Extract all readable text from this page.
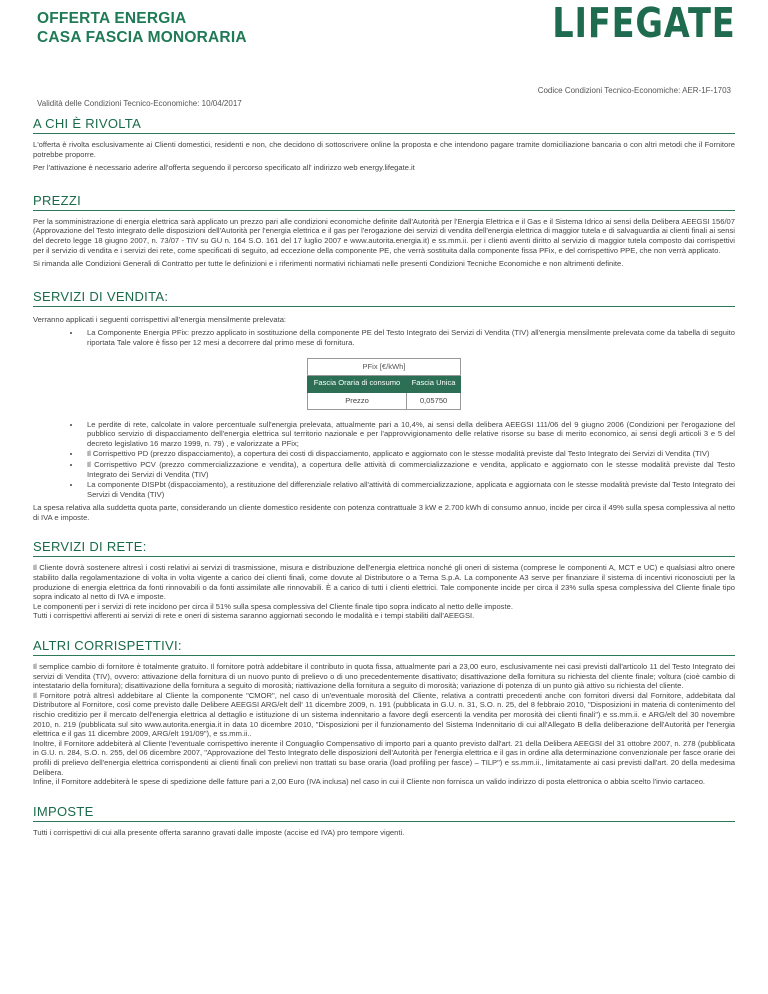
OFFERTA ENERGIA
CASA FASCIA MONORARIA	LIFEGATE
Codice Condizioni Tecnico-Economiche: AER-1F-1703
Validità delle Condizioni Tecnico-Economiche: 10/04/2017
A CHI È RIVOLTA

L'offerta è rivolta esclusivamente ai Clienti domestici, residenti e non, che decidono di sottoscrivere online la proposta e che intendono pagare tramite domiciliazione bancaria o con altri metodi che il Fornitore potrebbe proporre.

Per l'attivazione è necessario aderire all'offerta seguendo il percorso specificato all' indirizzo web energy.lifegate.it

PREZZI

Per la somministrazione di energia elettrica sarà applicato un prezzo pari alle condizioni economiche definite dall'Autorità per l'Energia Elettrica e il Gas e il Sistema Idrico ai sensi della Delibera AEEGSI 156/07 (Approvazione del Testo integrato delle disposizioni dell'Autorità per l'energia elettrica e il gas per l'erogazione dei servizi di vendita dell'energia elettrica di maggior tutela e di salvaguardia ai clienti finali ai sensi del decreto legge 18 giugno 2007, n. 73/07 - TIV su GU n. 164 S.O. 161 del 17 luglio 2007 e www.autorita.energia.it) e ss.mm.ii. per i clienti aventi diritto al servizio di maggior tutela composto dai corrispettivi per il servizio di vendita e i servizi dei rete, come specificati di seguito, ad eccezione della componente PE, che verrà sostituita dalla componente fissa PFix, e del corrispettivo PPE, che non verrà applicato.

Si rimanda alle Condizioni Generali di Contratto per tutte le definizioni e i riferimenti normativi richiamati nelle presenti Condizioni Tecniche Economiche e non altrimenti definite.

SERVIZI DI VENDITA:

Verranno applicati i seguenti corrispettivi all'energia mensilmente prelevata:

• La Componente Energia PFix: prezzo applicato in sostituzione della componente PE del Testo Integrato dei Servizi di Vendita (TIV) all'energia mensilmente prelevata come da tabella di seguito riportata Tale valore è fisso per 12 mesi a decorrere dal primo mese di fornitura.
PFix [€/kWh]	
Fascia Oraria di consumo	Fascia Unica
Prezzo	0,05750
• Le perdite di rete, calcolate in valore percentuale sull'energia prelevata, attualmente pari a 10,4%, ai sensi della delibera AEEGSI 111/06 del 9 giugno 2006 (Condizioni per l'erogazione del pubblico servizio di dispacciamento dell'energia elettrica sul territorio nazionale e per l'approvvigionamento delle relative risorse su base di merito economico, ai sensi degli articoli 3 e 5 del decreto legislativo 16 marzo 1999, n. 79) , e valorizzate a PFix;
• Il Corrispettivo PD (prezzo dispacciamento), a copertura dei costi di dispacciamento, applicato e aggiornato con le stesse modalità previste dal Testo Integrato dei Servizi di Vendita (TIV)
• Il Corrispettivo PCV (prezzo commercializzazione e vendita), a copertura delle attività di commercializzazione e vendita, applicato e aggiornato con le stesse modalità previste dal Testo Integrato dei Servizi di Vendita (TIV)
• La componente DISPbt (dispacciamento), a restituzione del differenziale relativo all'attività di commercializzazione, applicata e aggiornata con le stesse modalità previste dal Testo Integrato dei Servizi di Vendita (TIV)

La spesa relativa alla suddetta quota parte, considerando un cliente domestico residente con potenza contrattuale 3 kW e 2.700 kWh di consumo annuo, incide per circa il 49% sulla spesa complessiva al netto di IVA e imposte.

SERVIZI DI RETE:

Il Cliente dovrà sostenere altresì i costi relativi ai servizi di trasmissione, misura e distribuzione dell'energia elettrica nonché gli oneri di sistema (comprese le componenti A, MCT e UC) e qualsiasi altro onere stabilito dalla regolamentazione di volta in volta vigente a carico dei clienti finali, come dovute al Distributore o a Terna S.p.A. La componente A3 serve per finanziare il sistema di incentivi riconosciuti per la produzione di energia elettrica da fonti rinnovabili o da fonti assimilate alle rinnovabili. È a carico di tutti i clienti elettrici. Tale componente incide per circa il 23% sulla spesa complessiva del Cliente finale tipo sopra indicato al netto di IVA e imposte.

Le componenti per i servizi di rete incidono per circa il 51% sulla spesa complessiva del Cliente finale tipo sopra indicato al netto delle imposte.

Tutti i corrispettivi afferenti ai servizi di rete e oneri di sistema saranno aggiornati secondo le modalità e i tempi stabiliti dall'AEEGSI.

ALTRI CORRISPETTIVI:

Il semplice cambio di fornitore è totalmente gratuito. Il fornitore potrà addebitare il contributo in quota fissa, attualmente pari a 23,00 euro, esclusivamente nei casi previsti dall'articolo 11 del Testo Integrato dei servizi di Vendita (TIV), ovvero: attivazione della fornitura di un nuovo punto di prelievo o di uno precedentemente disattivato; disattivazione della fornitura su richiesta del cliente finale; voltura (cioè cambio di intestatario della fornitura); disattivazione della fornitura a seguito di morosità; riattivazione della fornitura a seguito di morosità; variazione di potenza di un punto già attivo su richiesta del cliente.

Il Fornitore potrà altresì addebitare al Cliente la componente "CMOR", nel caso di un'eventuale morosità del Cliente, relativa a contratti precedenti anche con fornitori diversi dal Fornitore, addebitata dal Distributore al Fornitore, così come previsto dalle Delibere AEEGSI ARG/elt dell' 11 dicembre 2009, n. 191 (pubblicata in G.U. n. 31, S.O. n. 25, del 8 febbraio 2010, "Disposizioni in materia di contenimento del rischio creditizio per il mercato dell'energia elettrica al dettaglio e istituzione di un sistema indennitario a favore degli esercenti la vendita per morosità dei clienti finali") e ss.mm.ii. e ARG/elt del 30 novembre 2010, n. 219 (pubblicata sul sito www.autorita.energia.it in data 10 dicembre 2010, "Disposizioni per il funzionamento del Sistema Indennitario di cui all'Allegato B della deliberazione dell'Autorità per l'energia elettrica e il gas 11 dicembre 2009, ARG/elt 191/09"), e ss.mm.ii..

Inoltre, il Fornitore addebiterà al Cliente l'eventuale corrispettivo inerente il Conguaglio Compensativo di importo pari a quanto previsto dall'art. 21 della Delibera AEEGSI del 31 ottobre 2007, n. 278 (pubblicata in G.U. n. 284, S.O. n. 255, del 06 dicembre 2007, "Approvazione del Testo Integrato delle disposizioni dell'Autorità per l'energia elettrica e il gas in ordine alla determinazione convenzionale per fasce orarie dei profili di prelievo dell'energia elettrica corrispondenti ai clienti finali con prelievi non trattati su base oraria (load profiling per fasce) – TILP") e ss.mm.ii., limitatamente ai casi previsti dall'art. 20 della medesima Delibera.

Infine, il Fornitore addebiterà le spese di spedizione delle fatture pari a 2,00 Euro (IVA inclusa) nel caso in cui il Cliente non fornisca un valido indirizzo di posta elettronica o abbia scelto l'invio cartaceo.

IMPOSTE

Tutti i corrispettivi di cui alla presente offerta saranno gravati dalle imposte (accise ed IVA) pro tempore vigenti.
